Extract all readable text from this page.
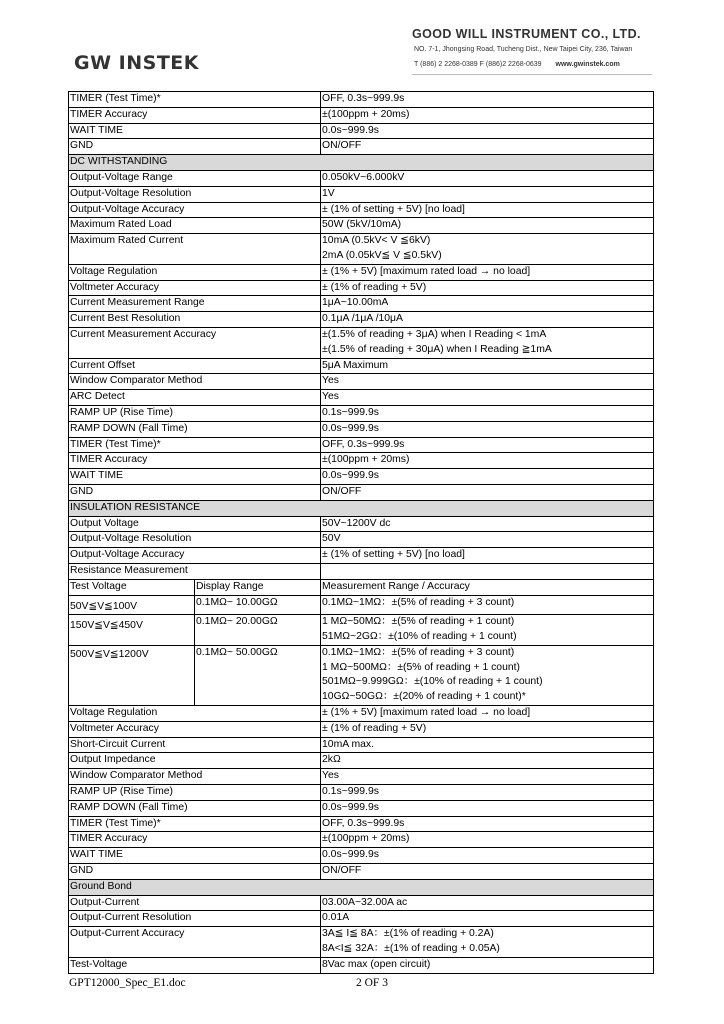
GW INSTEK
GOOD WILL INSTRUMENT CO., LTD.
NO. 7-1, Jhongsing Road, Tucheng Dist., New Taipei City, 236, Taiwan
T (886) 2 2268-0389 F (886)2 2268-0639 www.gwinstek.com
TIMER (Test Time)*		OFF, 0.3s~999.9s
TIMER Accuracy		±(100ppm + 20ms)
WAIT TIME		0.0s~999.9s
GND		ON/OFF
DC WITHSTANDING		
Output-Voltage Range		0.050kV~6.000kV
Output-Voltage Resolution		1V
Output-Voltage Accuracy		± (1% of setting + 5V) [no load]
Maximum Rated Load		50W (5kV/10mA)
Maximum Rated Current		10mA (0.5kV< V ≦6kV)
2mA (0.05kV≦ V ≦0.5kV)

Voltage Regulation		± (1% + 5V) [maximum rated load → no load]
Voltmeter Accuracy		± (1% of reading + 5V)
Current Measurement Range		1μA~10.00mA
Current Best Resolution		0.1μA /1μA /10μA
Current Measurement Accuracy		±(1.5% of reading + 3μA) when I Reading < 1mA
±(1.5% of reading + 30μA) when I Reading ≧1mA

Current Offset		5μA Maximum
Window Comparator Method		Yes
ARC Detect		Yes
RAMP UP (Rise Time)		0.1s~999.9s
RAMP DOWN (Fall Time)		0.0s~999.9s
TIMER (Test Time)*		OFF, 0.3s~999.9s
TIMER Accuracy		±(100ppm + 20ms)
WAIT TIME		0.0s~999.9s
GND		ON/OFF
INSULATION RESISTANCE		
Output Voltage		50V~1200V dc
Output-Voltage Resolution		50V
Output-Voltage Accuracy		± (1% of setting + 5V) [no load]
Resistance Measurement		
Test Voltage	Display Range	Measurement Range / Accuracy
50V≦V≦100V	0.1MΩ~ 10.00GΩ	0.1MΩ~1MΩ：±(5% of reading + 3 count)
150V≦V≦450V	0.1MΩ~ 20.00GΩ	1 MΩ~50MΩ：±(5% of reading + 1 count)
51MΩ~2GΩ：±(10% of reading + 1 count)

500V≦V≦1200V	0.1MΩ~ 50.00GΩ	0.1MΩ~1MΩ：±(5% of reading + 3 count)
1 MΩ~500MΩ：±(5% of reading + 1 count)
501MΩ~9.999GΩ：±(10% of reading + 1 count)
10GΩ~50GΩ：±(20% of reading + 1 count)*

Voltage Regulation		± (1% + 5V) [maximum rated load → no load]
Voltmeter Accuracy		± (1% of reading + 5V)
Short-Circuit Current		10mA max.
Output Impedance		2kΩ
Window Comparator Method		Yes
RAMP UP (Rise Time)		0.1s~999.9s
RAMP DOWN (Fall Time)		0.0s~999.9s
TIMER (Test Time)*		OFF, 0.3s~999.9s
TIMER Accuracy		±(100ppm + 20ms)
WAIT TIME		0.0s~999.9s
GND		ON/OFF
Ground Bond		
Output-Current		03.00A~32.00A ac
Output-Current Resolution		0.01A
Output-Current Accuracy		3A≦ I≦ 8A：±(1% of reading + 0.2A)
8A<I≦ 32A：±(1% of reading + 0.05A)

Test-Voltage		8Vac max (open circuit)
GPT12000_Spec_E1.doc	2 OF 3
